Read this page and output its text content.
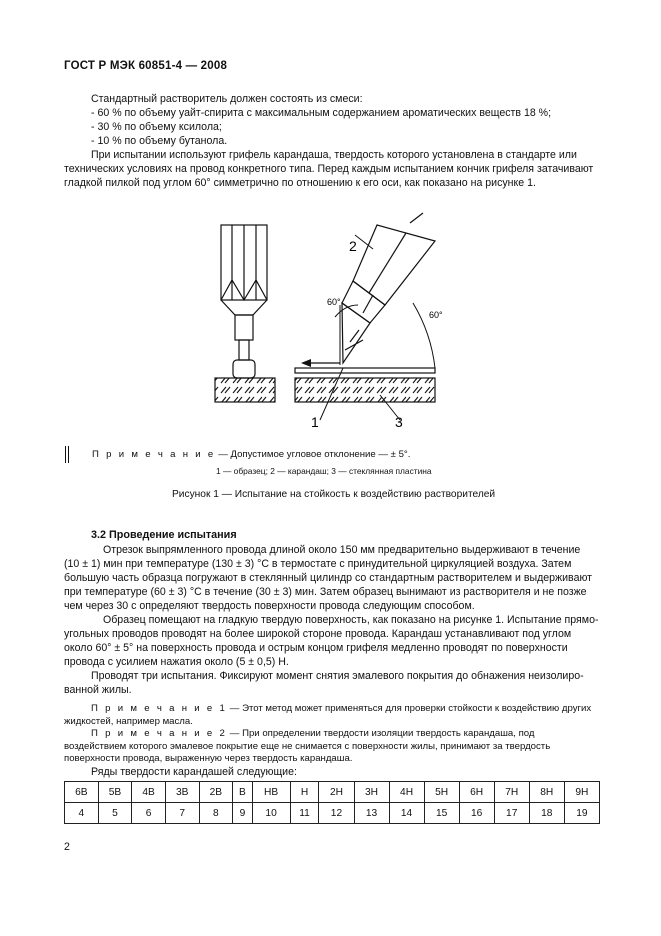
ГОСТ Р МЭК 60851-4 — 2008
Стандартный растворитель должен состоять из смеси:
- 60 % по объему уайт-спирита с максимальным содержанием ароматических веществ 18 %;
- 30 % по объему ксилола;
- 10 % по объему бутанола.
При испытании используют грифель карандаша, твердость которого установлена в стандарте или
технических условиях на провод конкретного типа. Перед каждым испытанием кончик грифеля затачивают
гладкой пилкой под углом 60° симметрично по отношению к его оси, как показано на рисунке 1.
2
1	3
60°
60°
П р и м е ч а н и е — Допустимое угловое отклонение — ± 5°.
1 — образец; 2 — карандаш; 3 — стеклянная пластина
Рисунок 1 — Испытание на стойкость к воздействию растворителей
3.2 Проведение испытания
Отрезок выпрямленного провода длиной около 150 мм предварительно выдерживают в течение
(10 ± 1) мин при температуре (130 ± 3) °С в термостате с принудительной циркуляцией воздуха. Затем
большую часть образца погружают в стеклянный цилиндр со стандартным растворителем и выдерживают
при температуре (60 ± 3) °С в течение (30 ± 3) мин. Затем образец вынимают из растворителя и не позже
чем через 30 с определяют твердость поверхности провода следующим способом.
Образец помещают на гладкую твердую поверхность, как показано на рисунке 1. Испытание прямо-
угольных проводов проводят на более широкой стороне провода. Карандаш устанавливают под углом
около 60° ± 5° на поверхность провода и острым концом грифеля медленно проводят по поверхности
провода с усилием нажатия около (5 ± 0,5) Н.
Проводят три испытания. Фиксируют момент снятия эмалевого покрытия до обнажения неизолиро-
ванной жилы.
П р и м е ч а н и е 1 — Этот метод может применяться для проверки стойкости к воздействию других
жидкостей, например масла.
П р и м е ч а н и е 2 — При определении твердости изоляции твердость карандаша, под
воздействием которого эмалевое покрытие еще не снимается с поверхности жилы, принимают за твердость
поверхности провода, выраженную через твердость карандаша.
Ряды твердости карандашей следующие:
6B	5B	4B	3B	2B	B	HB	H	2H	3H	4H	5H	6H	7H	8H	9H
4	5	6	7	8	9	10	11	12	13	14	15	16	17	18	19
2
